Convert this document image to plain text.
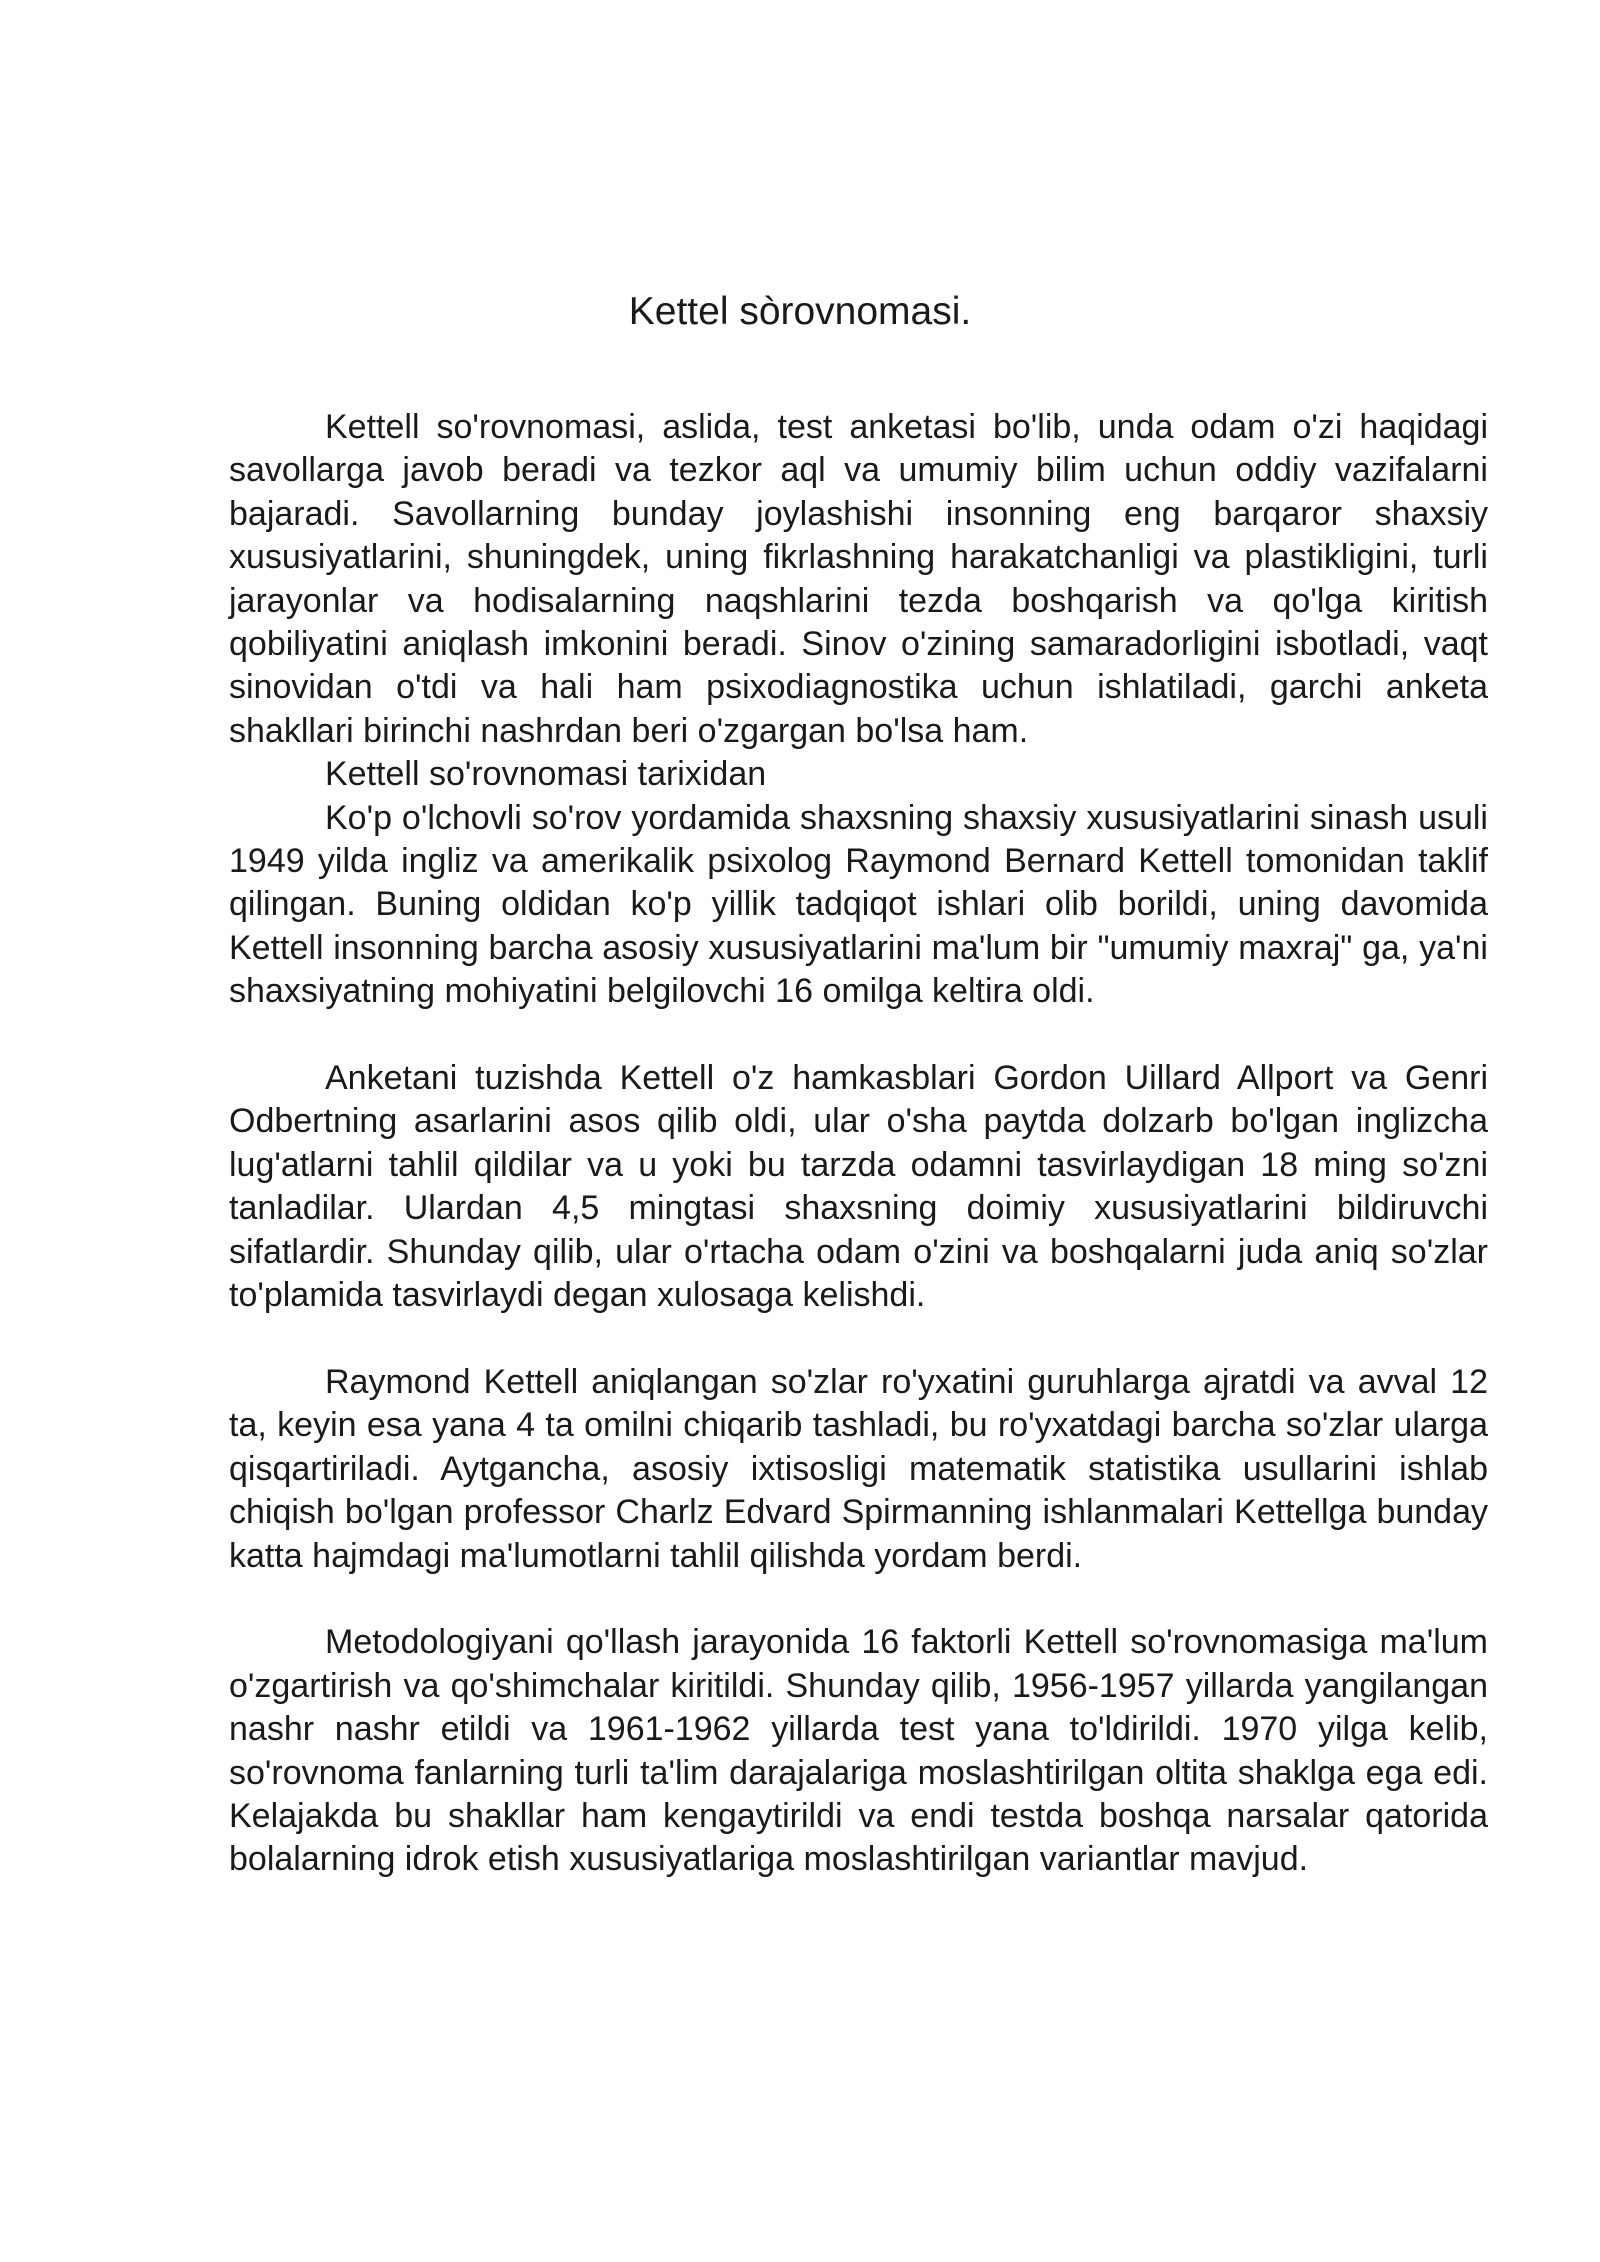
Kettel sòrovnomasi.

Kettell so'rovnomasi, aslida, test anketasi bo'lib, unda odam o'zi haqidagi savollarga javob beradi va tezkor aql va umumiy bilim uchun oddiy vazifalarni bajaradi. Savollarning bunday joylashishi insonning eng barqaror shaxsiy xususiyatlarini, shuningdek, uning fikrlashning harakatchanligi va plastikligini, turli jarayonlar va hodisalarning naqshlarini tezda boshqarish va qo'lga kiritish qobiliyatini aniqlash imkonini beradi. Sinov o'zining samaradorligini isbotladi, vaqt sinovidan o'tdi va hali ham psixodiagnostika uchun ishlatiladi, garchi anketa shakllari birinchi nashrdan beri o'zgargan bo'lsa ham.

Kettell so'rovnomasi tarixidan

Ko'p o'lchovli so'rov yordamida shaxsning shaxsiy xususiyatlarini sinash usuli 1949 yilda ingliz va amerikalik psixolog Raymond Bernard Kettell tomonidan taklif qilingan. Buning oldidan ko'p yillik tadqiqot ishlari olib borildi, uning davomida Kettell insonning barcha asosiy xususiyatlarini ma'lum bir "umumiy maxraj" ga, ya'ni shaxsiyatning mohiyatini belgilovchi 16 omilga keltira oldi.

Anketani tuzishda Kettell o'z hamkasblari Gordon Uillard Allport va Genri Odbertning asarlarini asos qilib oldi, ular o'sha paytda dolzarb bo'lgan inglizcha lug'atlarni tahlil qildilar va u yoki bu tarzda odamni tasvirlaydigan 18 ming so'zni tanladilar. Ulardan 4,5 mingtasi shaxsning doimiy xususiyatlarini bildiruvchi sifatlardir. Shunday qilib, ular o'rtacha odam o'zini va boshqalarni juda aniq so'zlar to'plamida tasvirlaydi degan xulosaga kelishdi.

Raymond Kettell aniqlangan so'zlar ro'yxatini guruhlarga ajratdi va avval 12 ta, keyin esa yana 4 ta omilni chiqarib tashladi, bu ro'yxatdagi barcha so'zlar ularga qisqartiriladi. Aytgancha, asosiy ixtisosligi matematik statistika usullarini ishlab chiqish bo'lgan professor Charlz Edvard Spirmanning ishlanmalari Kettellga bunday katta hajmdagi ma'lumotlarni tahlil qilishda yordam berdi.

Metodologiyani qo'llash jarayonida 16 faktorli Kettell so'rovnomasiga ma'lum o'zgartirish va qo'shimchalar kiritildi. Shunday qilib, 1956-1957 yillarda yangilangan nashr nashr etildi va 1961-1962 yillarda test yana to'ldirildi. 1970 yilga kelib, so'rovnoma fanlarning turli ta'lim darajalariga moslashtirilgan oltita shaklga ega edi. Kelajakda bu shakllar ham kengaytirildi va endi testda boshqa narsalar qatorida bolalarning idrok etish xususiyatlariga moslashtirilgan variantlar mavjud.
